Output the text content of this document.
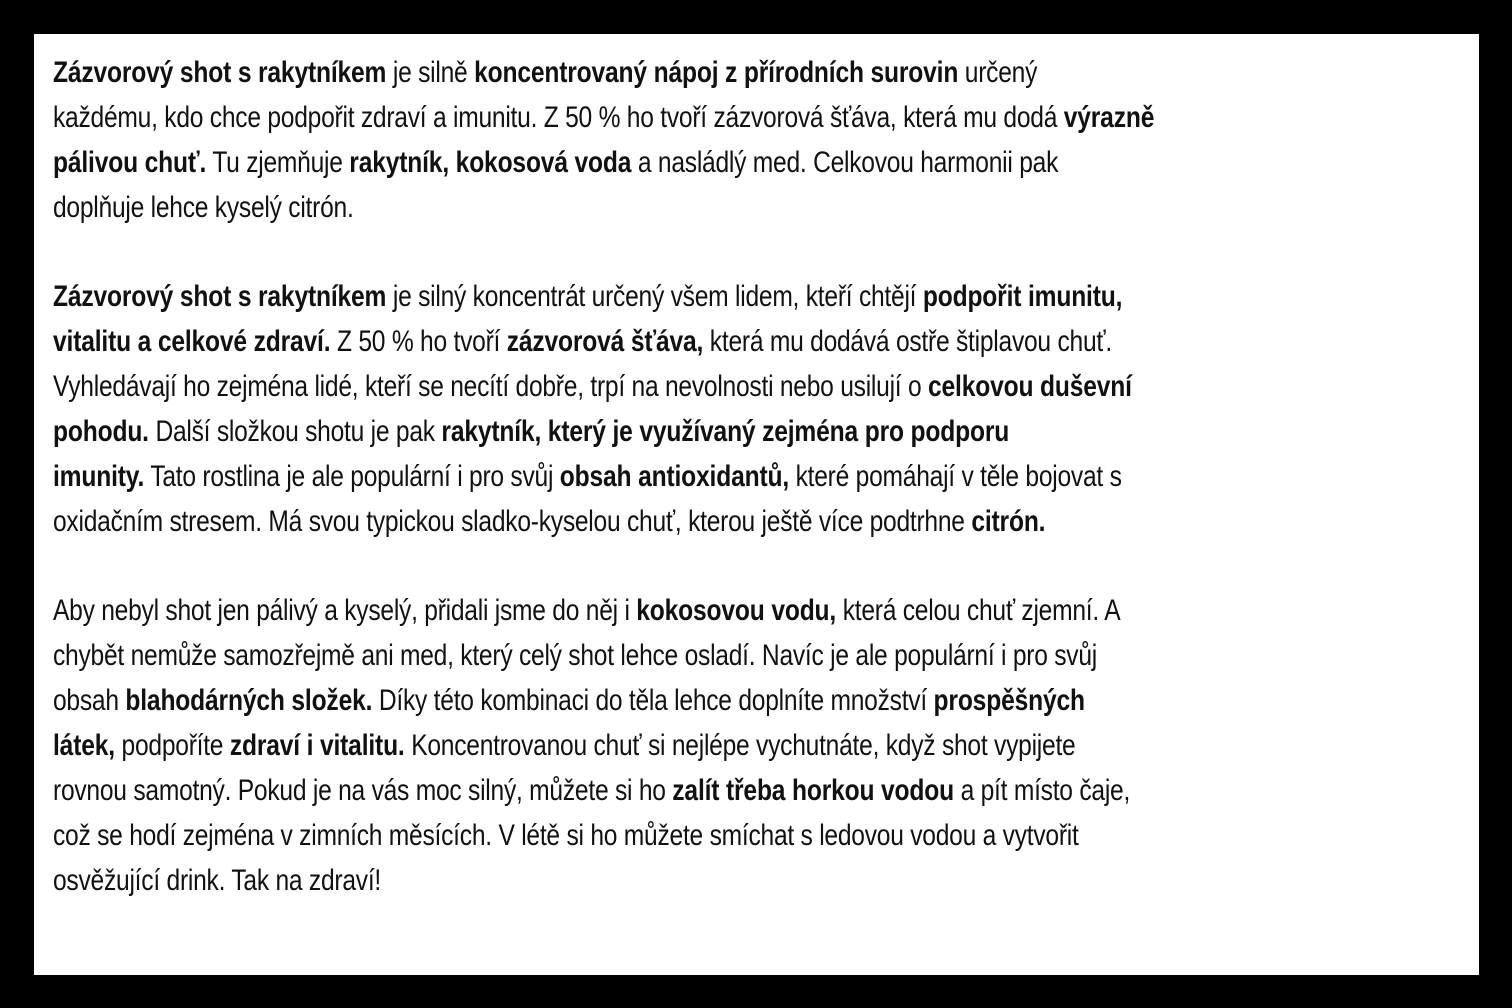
Zázvorový shot s rakytníkem je silně koncentrovaný nápoj z přírodních surovin určený
každému, kdo chce podpořit zdraví a imunitu. Z 50 % ho tvoří zázvorová šťáva, která mu dodá výrazně
pálivou chuť. Tu zjemňuje rakytník, kokosová voda a nasládlý med. Celkovou harmonii pak
doplňuje lehce kyselý citrón.

Zázvorový shot s rakytníkem je silný koncentrát určený všem lidem, kteří chtějí podpořit imunitu,
vitalitu a celkové zdraví. Z 50 % ho tvoří zázvorová šťáva, která mu dodává ostře štiplavou chuť.
Vyhledávají ho zejména lidé, kteří se necítí dobře, trpí na nevolnosti nebo usilují o celkovou duševní
pohodu. Další složkou shotu je pak rakytník, který je využívaný zejména pro podporu
imunity. Tato rostlina je ale populární i pro svůj obsah antioxidantů, které pomáhají v těle bojovat s
oxidačním stresem. Má svou typickou sladko-kyselou chuť, kterou ještě více podtrhne citrón.

Aby nebyl shot jen pálivý a kyselý, přidali jsme do něj i kokosovou vodu, která celou chuť zjemní. A
chybět nemůže samozřejmě ani med, který celý shot lehce osladí. Navíc je ale populární i pro svůj
obsah blahodárných složek. Díky této kombinaci do těla lehce doplníte množství prospěšných
látek, podpoříte zdraví i vitalitu. Koncentrovanou chuť si nejlépe vychutnáte, když shot vypijete
rovnou samotný. Pokud je na vás moc silný, můžete si ho zalít třeba horkou vodou a pít místo čaje,
což se hodí zejména v zimních měsících. V létě si ho můžete smíchat s ledovou vodou a vytvořit
osvěžující drink. Tak na zdraví!
